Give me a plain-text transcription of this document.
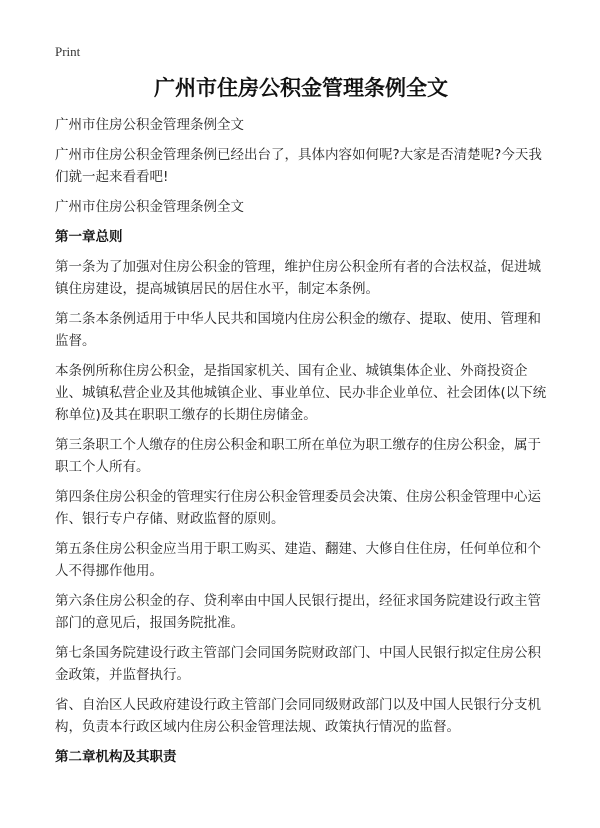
Print
广州市住房公积金管理条例全文

广州市住房公积金管理条例全文

广州市住房公积金管理条例已经出台了，具体内容如何呢?大家是否清楚呢?今天我们就一起来看看吧!

广州市住房公积金管理条例全文

第一章总则

第一条为了加强对住房公积金的管理，维护住房公积金所有者的合法权益，促进城镇住房建设，提高城镇居民的居住水平，制定本条例。

第二条本条例适用于中华人民共和国境内住房公积金的缴存、提取、使用、管理和监督。

本条例所称住房公积金，是指国家机关、国有企业、城镇集体企业、外商投资企业、城镇私营企业及其他城镇企业、事业单位、民办非企业单位、社会团体(以下统称单位)及其在职职工缴存的长期住房储金。

第三条职工个人缴存的住房公积金和职工所在单位为职工缴存的住房公积金，属于职工个人所有。

第四条住房公积金的管理实行住房公积金管理委员会决策、住房公积金管理中心运作、银行专户存储、财政监督的原则。

第五条住房公积金应当用于职工购买、建造、翻建、大修自住住房，任何单位和个人不得挪作他用。

第六条住房公积金的存、贷利率由中国人民银行提出，经征求国务院建设行政主管部门的意见后，报国务院批准。

第七条国务院建设行政主管部门会同国务院财政部门、中国人民银行拟定住房公积金政策，并监督执行。

省、自治区人民政府建设行政主管部门会同同级财政部门以及中国人民银行分支机构，负责本行政区域内住房公积金管理法规、政策执行情况的监督。

第二章机构及其职责
